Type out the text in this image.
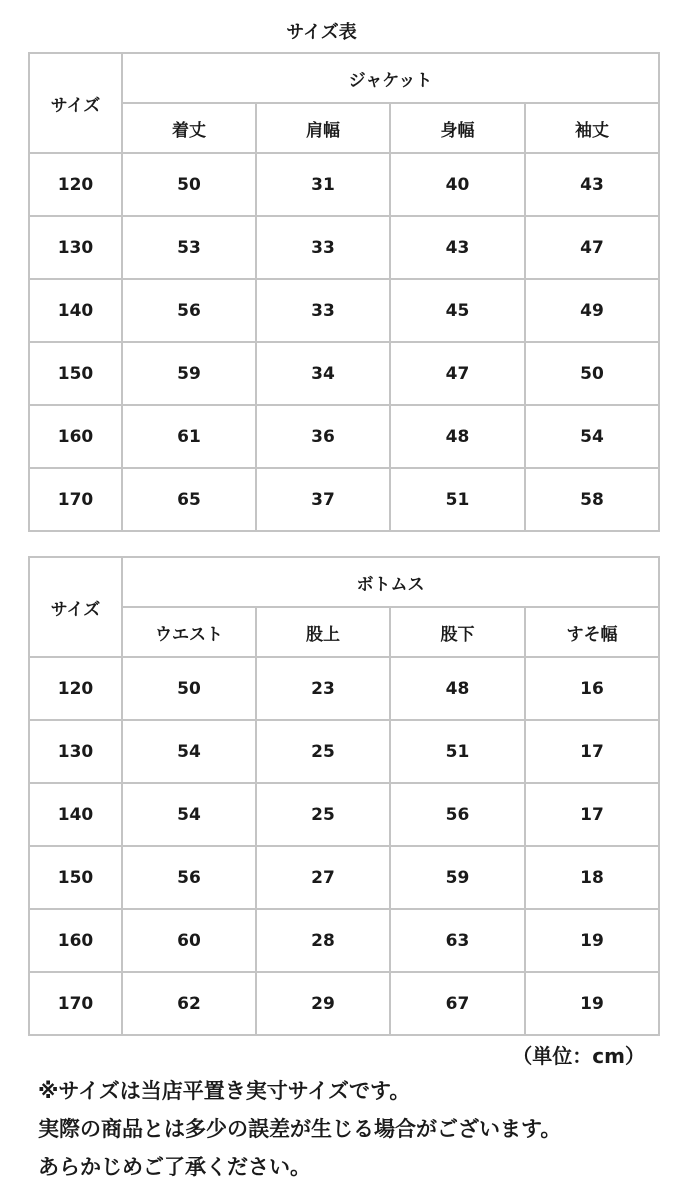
サイズ表
サイズ	ジャケット			
	着丈	肩幅	身幅	袖丈
120	50	31	40	43
130	53	33	43	47
140	56	33	45	49
150	59	34	47	50
160	61	36	48	54
170	65	37	51	58
サイズ	ボトムス			
	ウエスト	股上	股下	すそ幅
120	50	23	48	16
130	54	25	51	17
140	54	25	56	17
150	56	27	59	18
160	60	28	63	19
170	62	29	67	19
（単位：cm）
※サイズは当店平置き実寸サイズです。
実際の商品とは多少の誤差が生じる場合がございます。
あらかじめご了承ください。
